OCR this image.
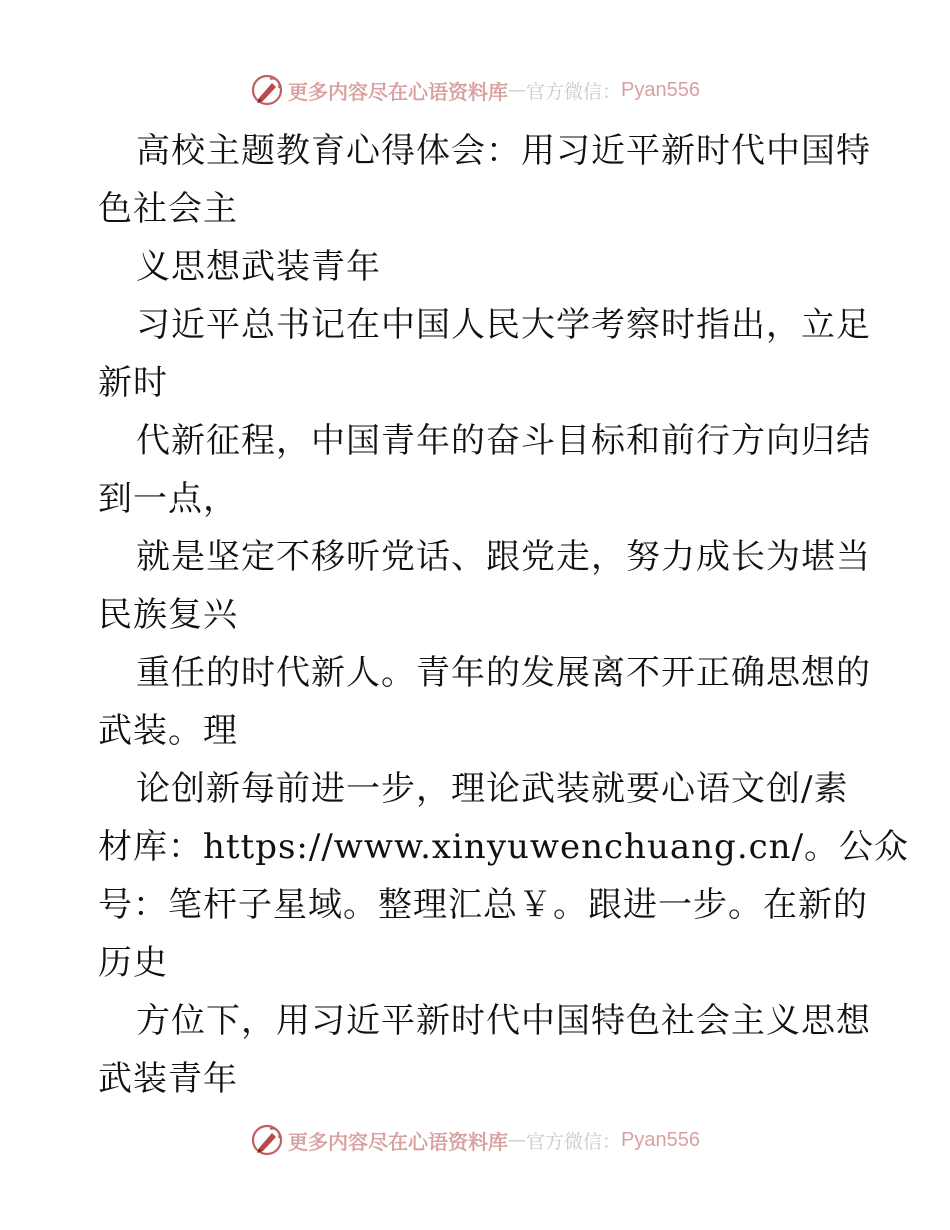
更多内容尽在心语资料库 — 官方微信： Pyan556
高校主题教育心得体会：用习近平新时代中国特
色社会主
义思想武装青年
习近平总书记在中国人民大学考察时指出，立足
新时
代新征程，中国青年的奋斗目标和前行方向归结
到一点，
就是坚定不移听党话、跟党走，努力成长为堪当
民族复兴
重任的时代新人。青年的发展离不开正确思想的
武装。理
论创新每前进一步，理论武装就要心语文创/素
材库：https://www.xinyuwenchuang.cn/。公众
号：笔杆子星域。整理汇总￥。跟进一步。在新的
历史
方位下，用习近平新时代中国特色社会主义思想
武装青年
更多内容尽在心语资料库 — 官方微信： Pyan556
